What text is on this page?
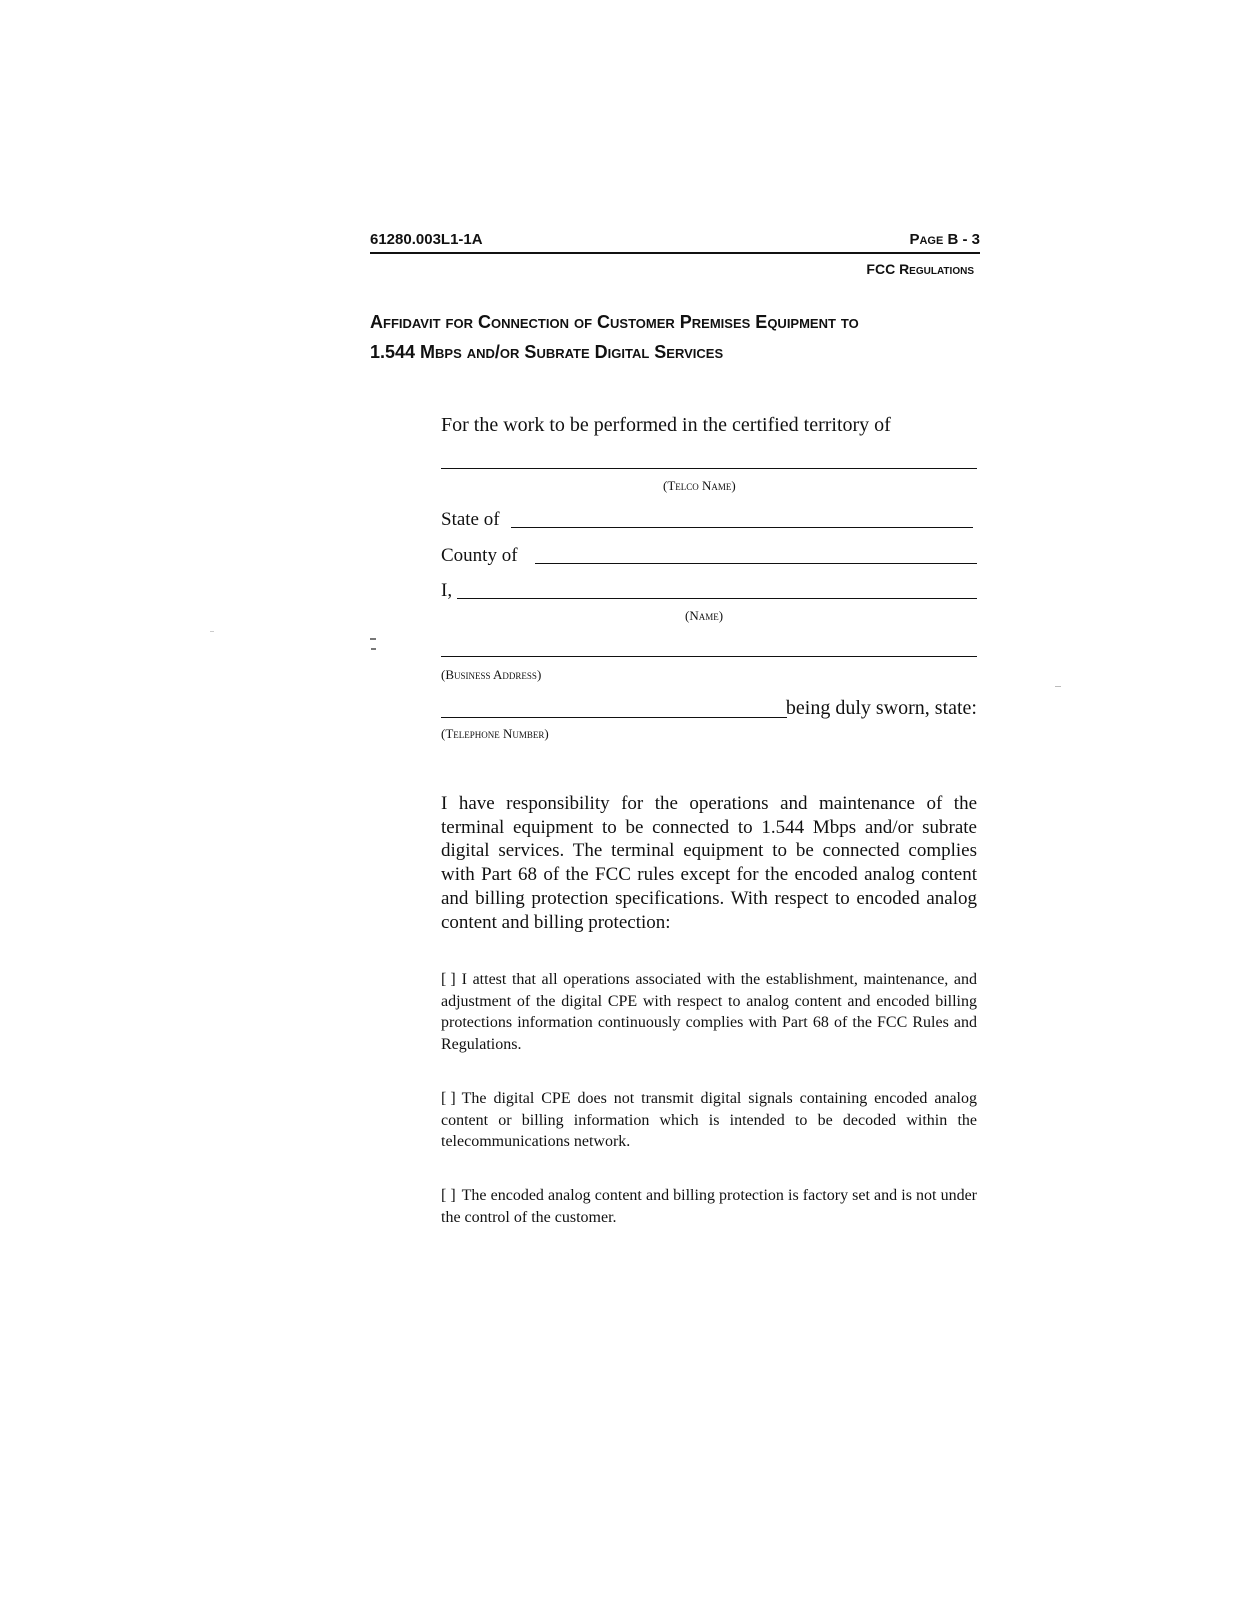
61280.003L1-1A	Page B - 3
FCC Regulations
Affidavit for Connection of Customer Premises Equipment to
1.544 Mbps and/or Subrate Digital Services

For the work to be performed in the certified territory of

(Telco Name)
State of
County of
I,
(Name)
(Business Address)
being duly sworn, state:
(Telephone Number)

I have responsibility for the operations and maintenance of the terminal equipment to be connected to 1.544 Mbps and/or subrate digital services. The terminal equipment to be connected complies with Part 68 of the FCC rules except for the encoded analog content and billing protection specifications. With respect to encoded analog content and billing protection:

[ ] I attest that all operations associated with the establishment, maintenance, and adjustment of the digital CPE with respect to analog content and encoded billing protections information continuously complies with Part 68 of the FCC Rules and Regulations.
[ ] The digital CPE does not transmit digital signals containing encoded analog content or billing information which is intended to be decoded within the telecommunications network.
[ ] The encoded analog content and billing protection is factory set and is not under the control of the customer.
